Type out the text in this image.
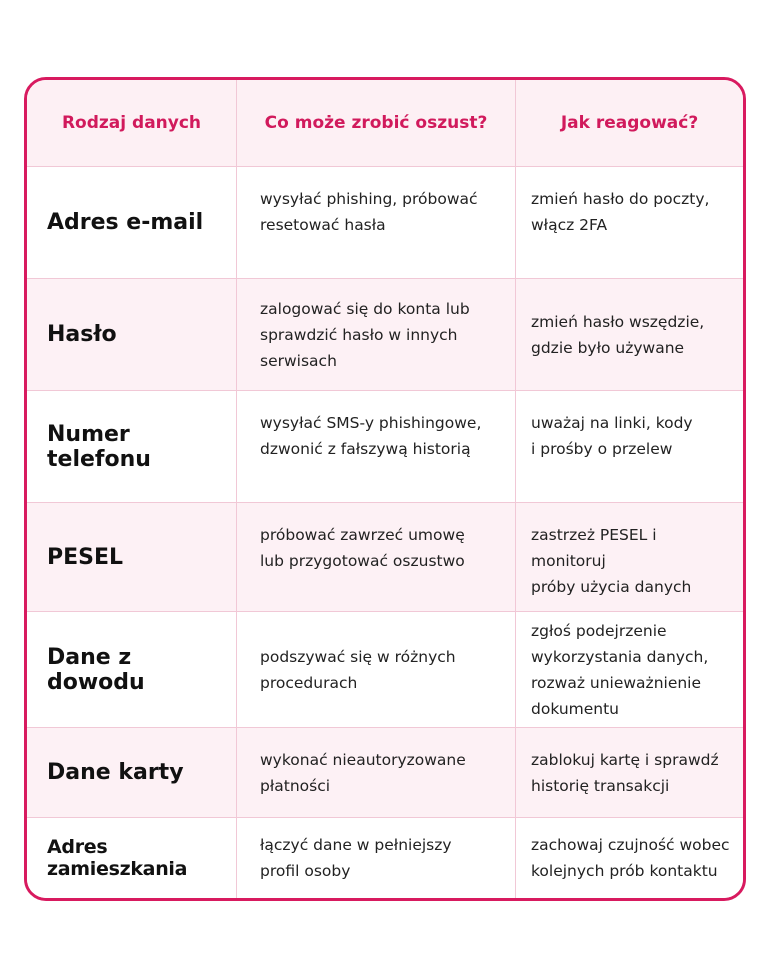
Rodzaj danych	Co może zrobić oszust?	Jak reagować?
Adres e-mail
wysyłać phishing, próbować
resetować hasła
zmień hasło do poczty,
włącz 2FA
Hasło
zalogować się do konta lub
sprawdzić hasło w innych
serwisach
zmień hasło wszędzie,
gdzie było używane
Numer telefonu
wysyłać SMS-y phishingowe,
dzwonić z fałszywą historią
uważaj na linki, kody
i prośby o przelew
PESEL
próbować zawrzeć umowę
lub przygotować oszustwo
zastrzeż PESEL i monitoruj
próby użycia danych
Dane z dowodu
podszywać się w różnych
procedurach
zgłoś podejrzenie
wykorzystania danych,
rozważ unieważnienie
dokumentu
Dane karty
wykonać nieautoryzowane
płatności
zablokuj kartę i sprawdź
historię transakcji
Adres zamieszkania
łączyć dane w pełniejszy
profil osoby
zachowaj czujność wobec
kolejnych prób kontaktu
